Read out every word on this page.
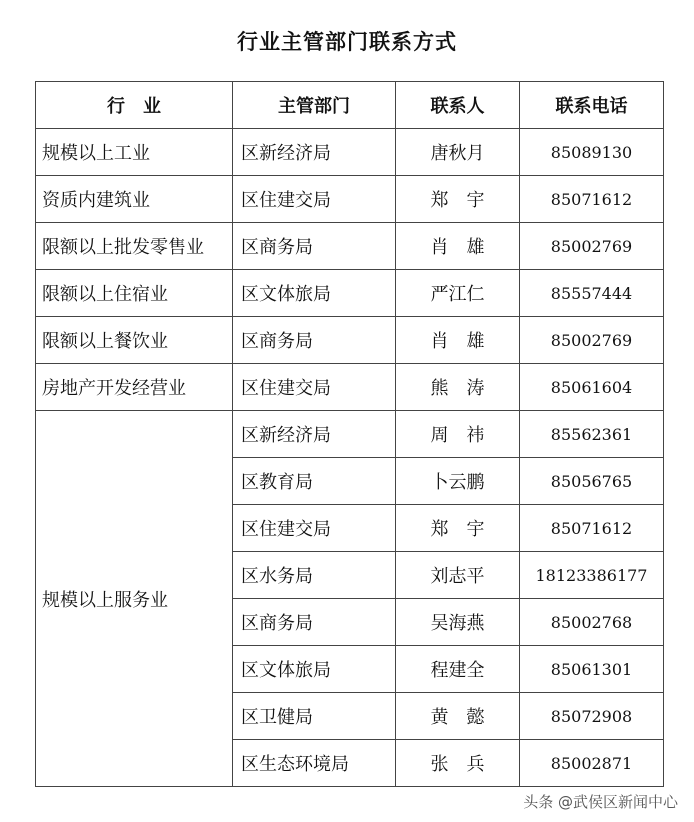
行业主管部门联系方式
行　业	主管部门	联系人	联系电话
规模以上工业	区新经济局	唐秋月	85089130
资质内建筑业	区住建交局	郑　宇	85071612
限额以上批发零售业	区商务局	肖　雄	85002769
限额以上住宿业	区文体旅局	严江仁	85557444
限额以上餐饮业	区商务局	肖　雄	85002769
房地产开发经营业	区住建交局	熊　涛	85061604
规模以上服务业	区新经济局	周　祎	85562361
	区教育局	卜云鹏	85056765
	区住建交局	郑　宇	85071612
	区水务局	刘志平	18123386177
	区商务局	吴海燕	85002768
	区文体旅局	程建全	85061301
	区卫健局	黄　懿	85072908
	区生态环境局	张　兵	85002871
头条 @武侯区新闻中心
